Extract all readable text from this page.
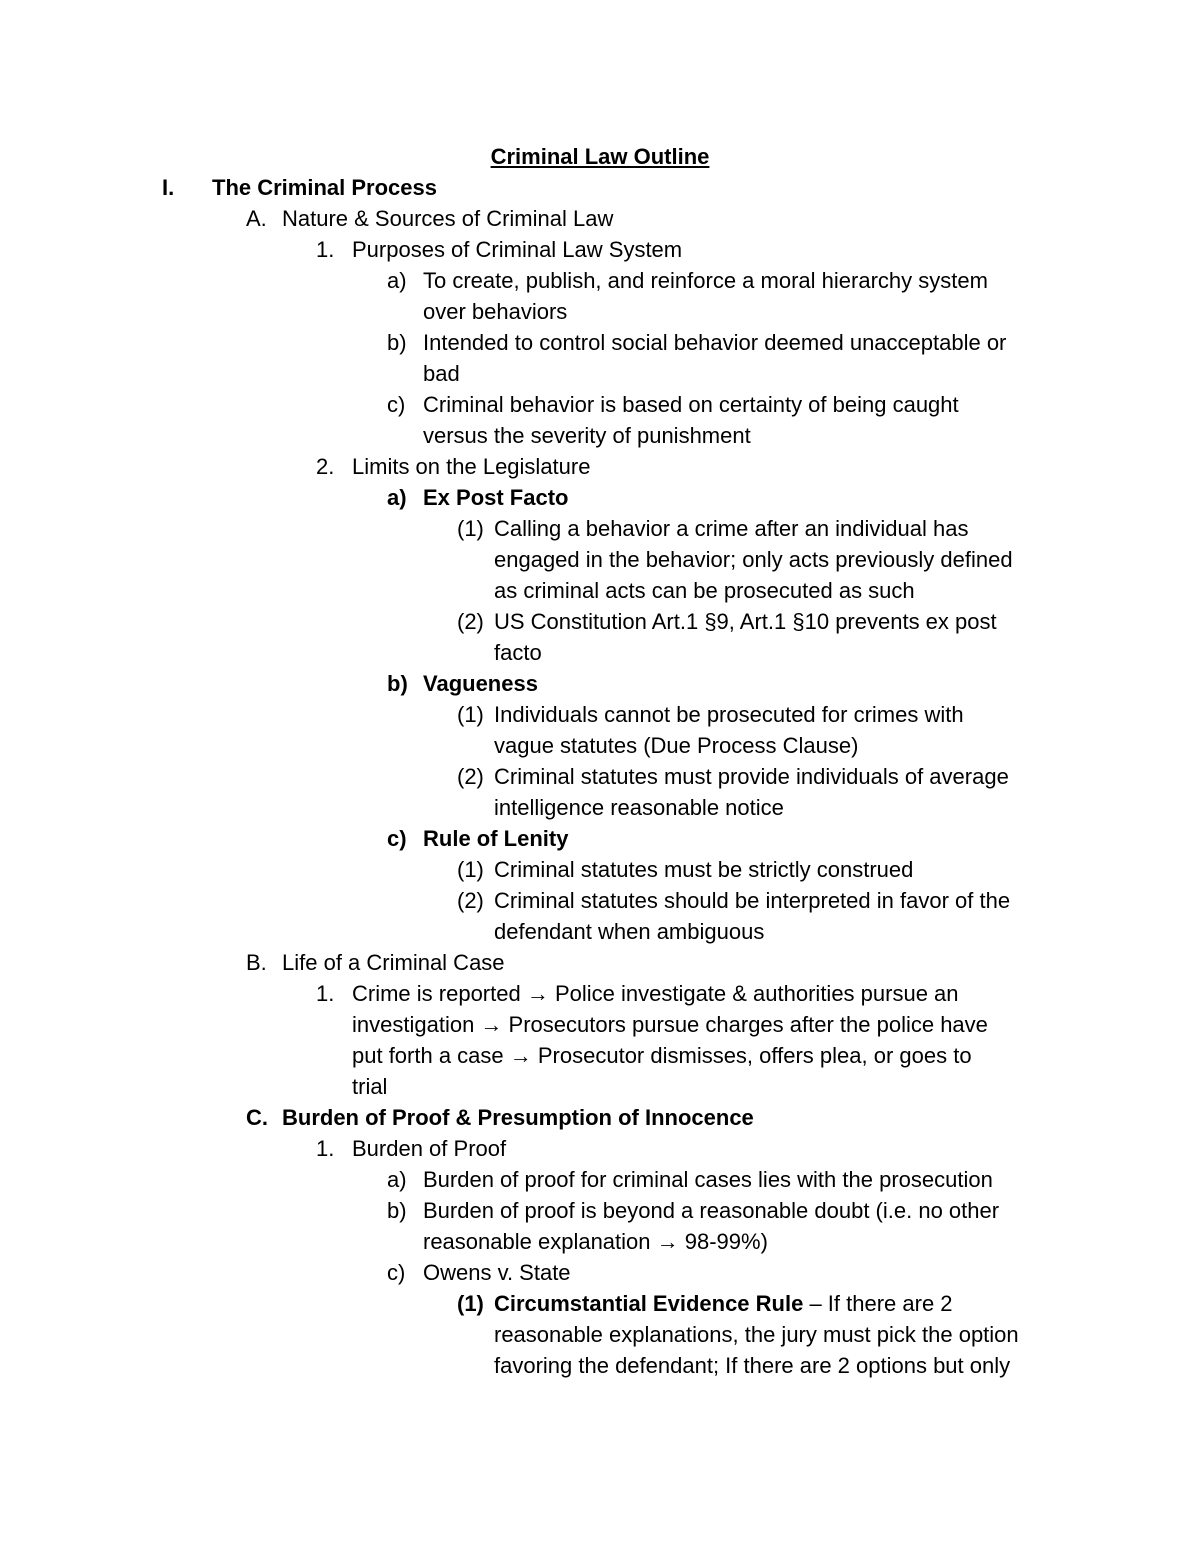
Criminal Law Outline
I. The Criminal Process
A. Nature & Sources of Criminal Law
1. Purposes of Criminal Law System
a) To create, publish, and reinforce a moral hierarchy system
over behaviors
b) Intended to control social behavior deemed unacceptable or
bad
c) Criminal behavior is based on certainty of being caught
versus the severity of punishment
2. Limits on the Legislature
a) Ex Post Facto
(1) Calling a behavior a crime after an individual has
engaged in the behavior; only acts previously defined
as criminal acts can be prosecuted as such
(2) US Constitution Art.1 §9, Art.1 §10 prevents ex post
facto
b) Vagueness
(1) Individuals cannot be prosecuted for crimes with
vague statutes (Due Process Clause)
(2) Criminal statutes must provide individuals of average
intelligence reasonable notice
c) Rule of Lenity
(1) Criminal statutes must be strictly construed
(2) Criminal statutes should be interpreted in favor of the
defendant when ambiguous
B. Life of a Criminal Case
1. Crime is reported → Police investigate & authorities pursue an
investigation → Prosecutors pursue charges after the police have
put forth a case → Prosecutor dismisses, offers plea, or goes to
trial
C. Burden of Proof & Presumption of Innocence
1. Burden of Proof
a) Burden of proof for criminal cases lies with the prosecution
b) Burden of proof is beyond a reasonable doubt (i.e. no other
reasonable explanation → 98-99%)
c) Owens v. State
(1) Circumstantial Evidence Rule – If there are 2
reasonable explanations, the jury must pick the option
favoring the defendant; If there are 2 options but only
